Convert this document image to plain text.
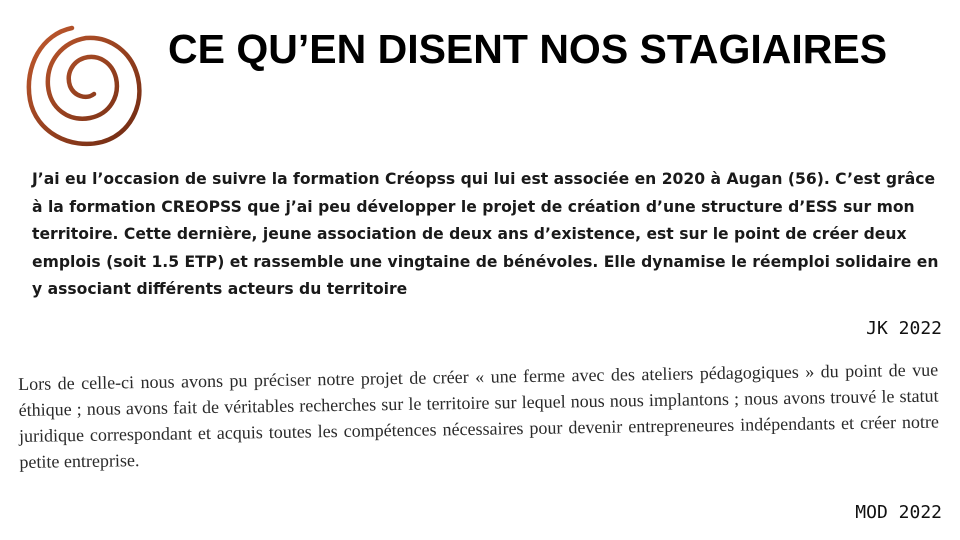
CE QU’EN DISENT NOS STAGIAIRES

J’ai eu l’occasion de suivre la formation Créopss qui lui est associée en 2020 à Augan (56). C’est grâce à la formation CREOPSS que j’ai peu développer le projet de création d’une structure d’ESS sur mon territoire. Cette dernière, jeune association de deux ans d’existence, est sur le point de créer deux emplois (soit 1.5 ETP) et rassemble une vingtaine de bénévoles. Elle dynamise le réemploi solidaire en y associant différents acteurs du territoire

JK 2022

Lors de celle-ci nous avons pu préciser notre projet de créer « une ferme avec des ateliers pédagogiques » du point de vue éthique ; nous avons fait de véritables recherches sur le territoire sur lequel nous nous implantons ; nous avons trouvé le statut juridique correspondant et acquis toutes les compétences nécessaires pour devenir entrepreneures indépendants et créer notre petite entreprise.

MOD 2022
